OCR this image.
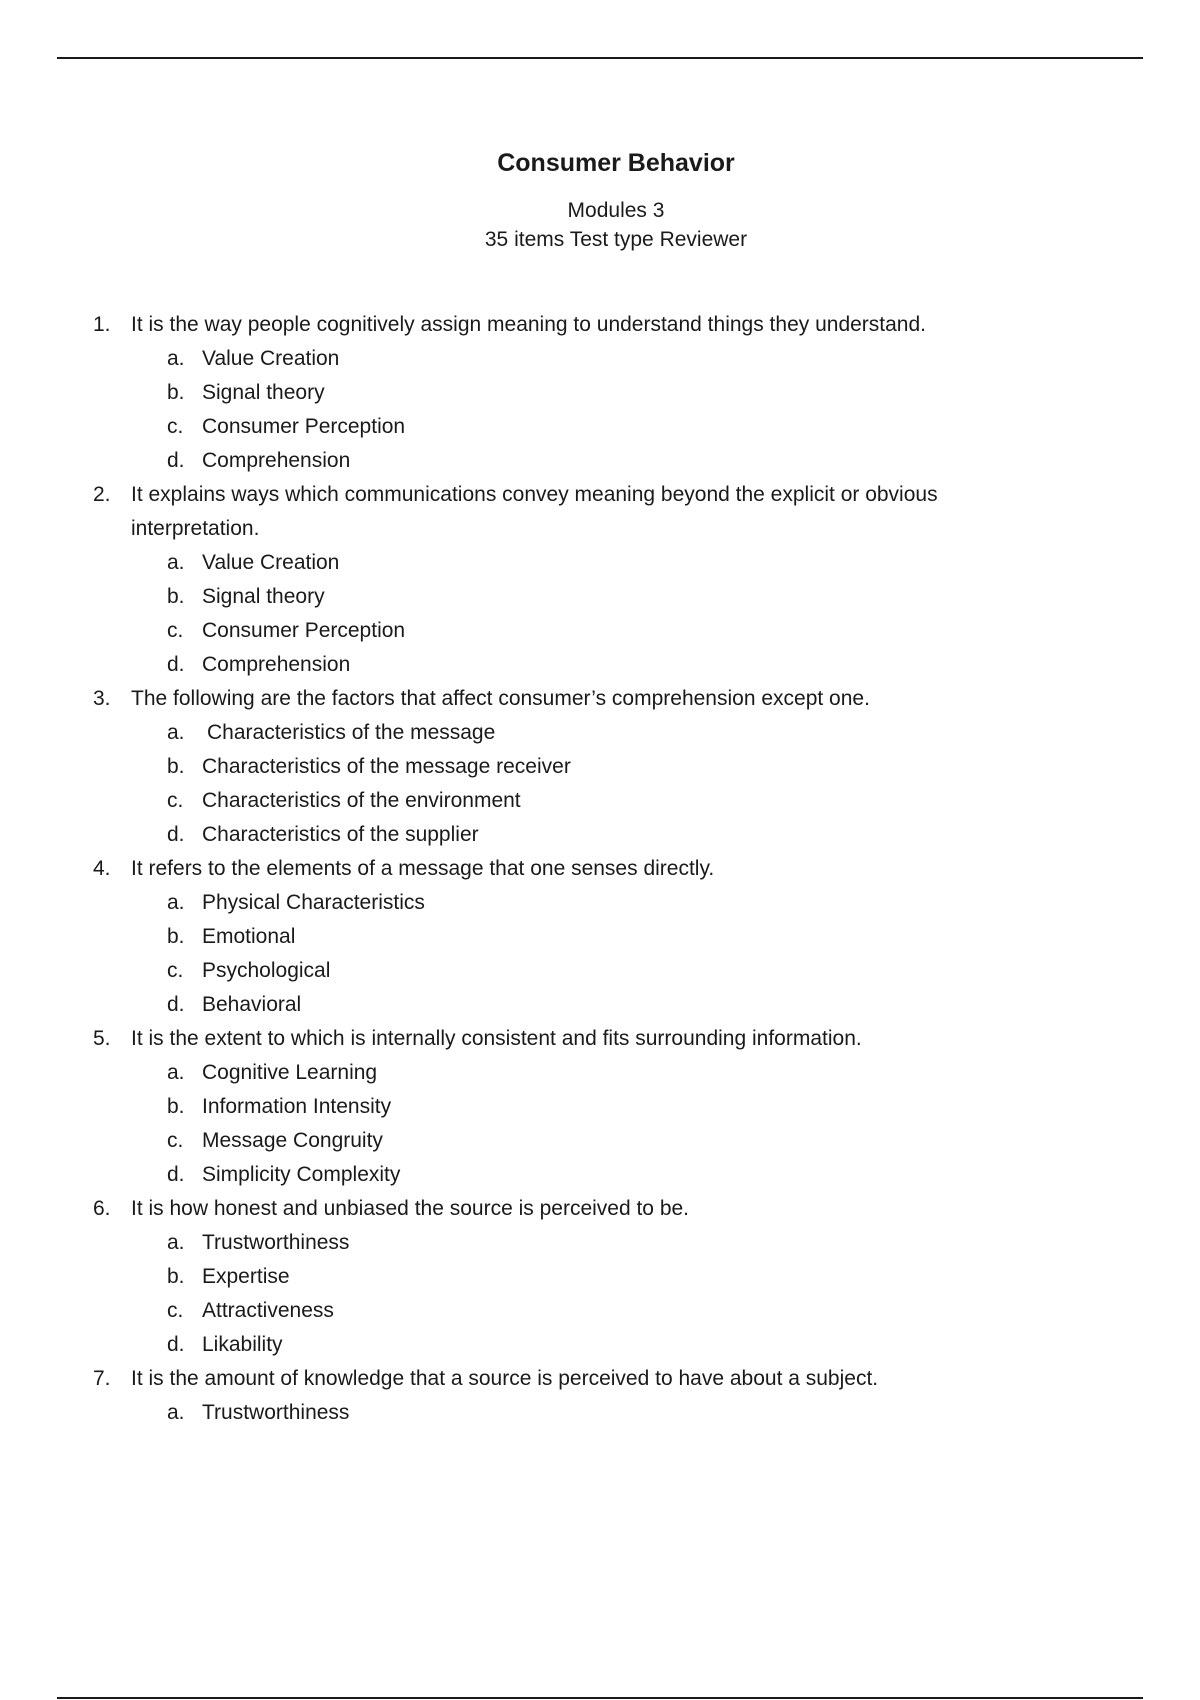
Consumer Behavior
Modules 3
35 items Test type Reviewer
1. It is the way people cognitively assign meaning to understand things they understand.
a. Value Creation
b. Signal theory
c. Consumer Perception
d. Comprehension
2. It explains ways which communications convey meaning beyond the explicit or obvious interpretation.
a. Value Creation
b. Signal theory
c. Consumer Perception
d. Comprehension
3. The following are the factors that affect consumer’s comprehension except one.
a. Characteristics of the message
b. Characteristics of the message receiver
c. Characteristics of the environment
d. Characteristics of the supplier
4. It refers to the elements of a message that one senses directly.
a. Physical Characteristics
b. Emotional
c. Psychological
d. Behavioral
5. It is the extent to which is internally consistent and fits surrounding information.
a. Cognitive Learning
b. Information Intensity
c. Message Congruity
d. Simplicity Complexity
6. It is how honest and unbiased the source is perceived to be.
a. Trustworthiness
b. Expertise
c. Attractiveness
d. Likability
7. It is the amount of knowledge that a source is perceived to have about a subject.
a. Trustworthiness
